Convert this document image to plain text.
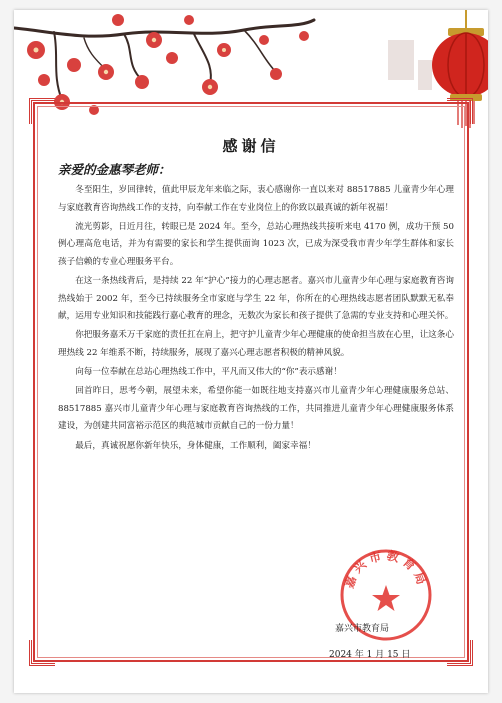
感谢信
亲爱的金惠琴老师：

冬至阳生，岁回律转，值此甲辰龙年来临之际，衷心感谢你一直以来对 88517885 儿童青少年心理与家庭教育咨询热线工作的支持，向奉献工作在专业岗位上的你致以最真诚的新年祝福！

流光剪影，日近月往，转眼已是 2024 年。至今，总站心理热线共接听来电 4170 例，成功干预 50 例心理高危电话，并为有需要的家长和学生提供面询 1023 次，已成为深受我市青少年学生群体和家长孩子信赖的专业心理服务平台。

在这一条热线背后，是持续 22 年“护心”接力的心理志愿者。嘉兴市儿童青少年心理与家庭教育咨询热线始于 2002 年，至今已持续服务全市家庭与学生 22 年，你所在的心理热线志愿者团队默默无私奉献，运用专业知识和技能践行嘉心教育的理念，无数次为家长和孩子提供了急需的专业支持和心理关怀。

你把服务嘉禾万千家庭的责任扛在肩上，把守护儿童青少年心理健康的使命担当放在心里，让这条心理热线 22 年维系不断，持续服务，展现了嘉兴心理志愿者积极的精神风貌。

向每一位奉献在总站心理热线工作中，平凡而又伟大的“你”表示感谢！

回首昨日，思考今朝，展望未来，希望你能一如既往地支持嘉兴市儿童青少年心理健康服务总站、88517885 嘉兴市儿童青少年心理与家庭教育咨询热线的工作，共同推进儿童青少年心理健康服务体系建设，为创建共同富裕示范区的典范城市贡献自己的一份力量！

最后，真诚祝愿你新年快乐，身体健康，工作顺利，阖家幸福！

嘉兴市教育局
嘉兴市教育局
2024 年 1 月 15 日
